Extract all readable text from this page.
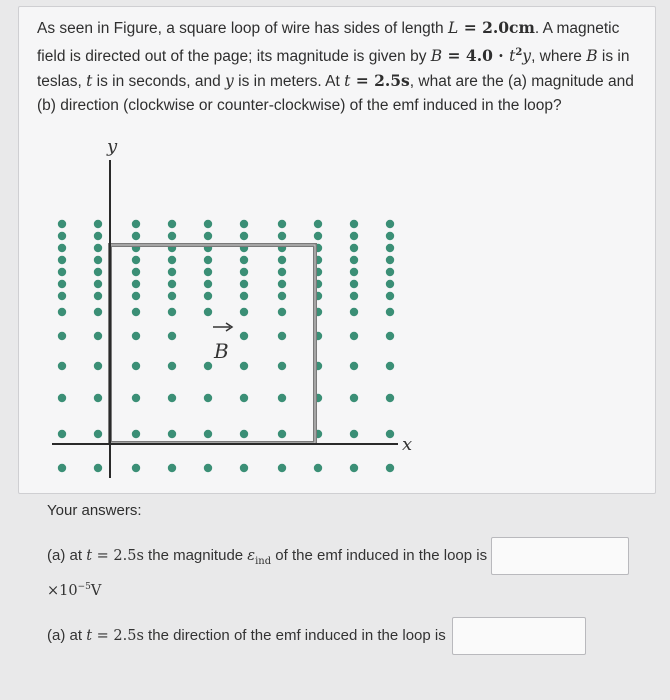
As seen in Figure, a square loop of wire has sides of length L = 2.0cm. A magnetic field is directed out of the page; its magnitude is given by $B = 4.0 \cdot t^2y$, where B is in teslas, t is in seconds, and y is in meters. At t = 2.5s, what are the (a) magnitude and (b) direction (clockwise or counter-clockwise) of the emf induced in the loop?
y
x
B
Your answers:
(a) at t = 2.5s the magnitude $\varepsilon_{ind}$ of the emf induced in the loop is
$\times 10^{-5}V$
(a) at t = 2.5s the direction of the emf induced in the loop is
